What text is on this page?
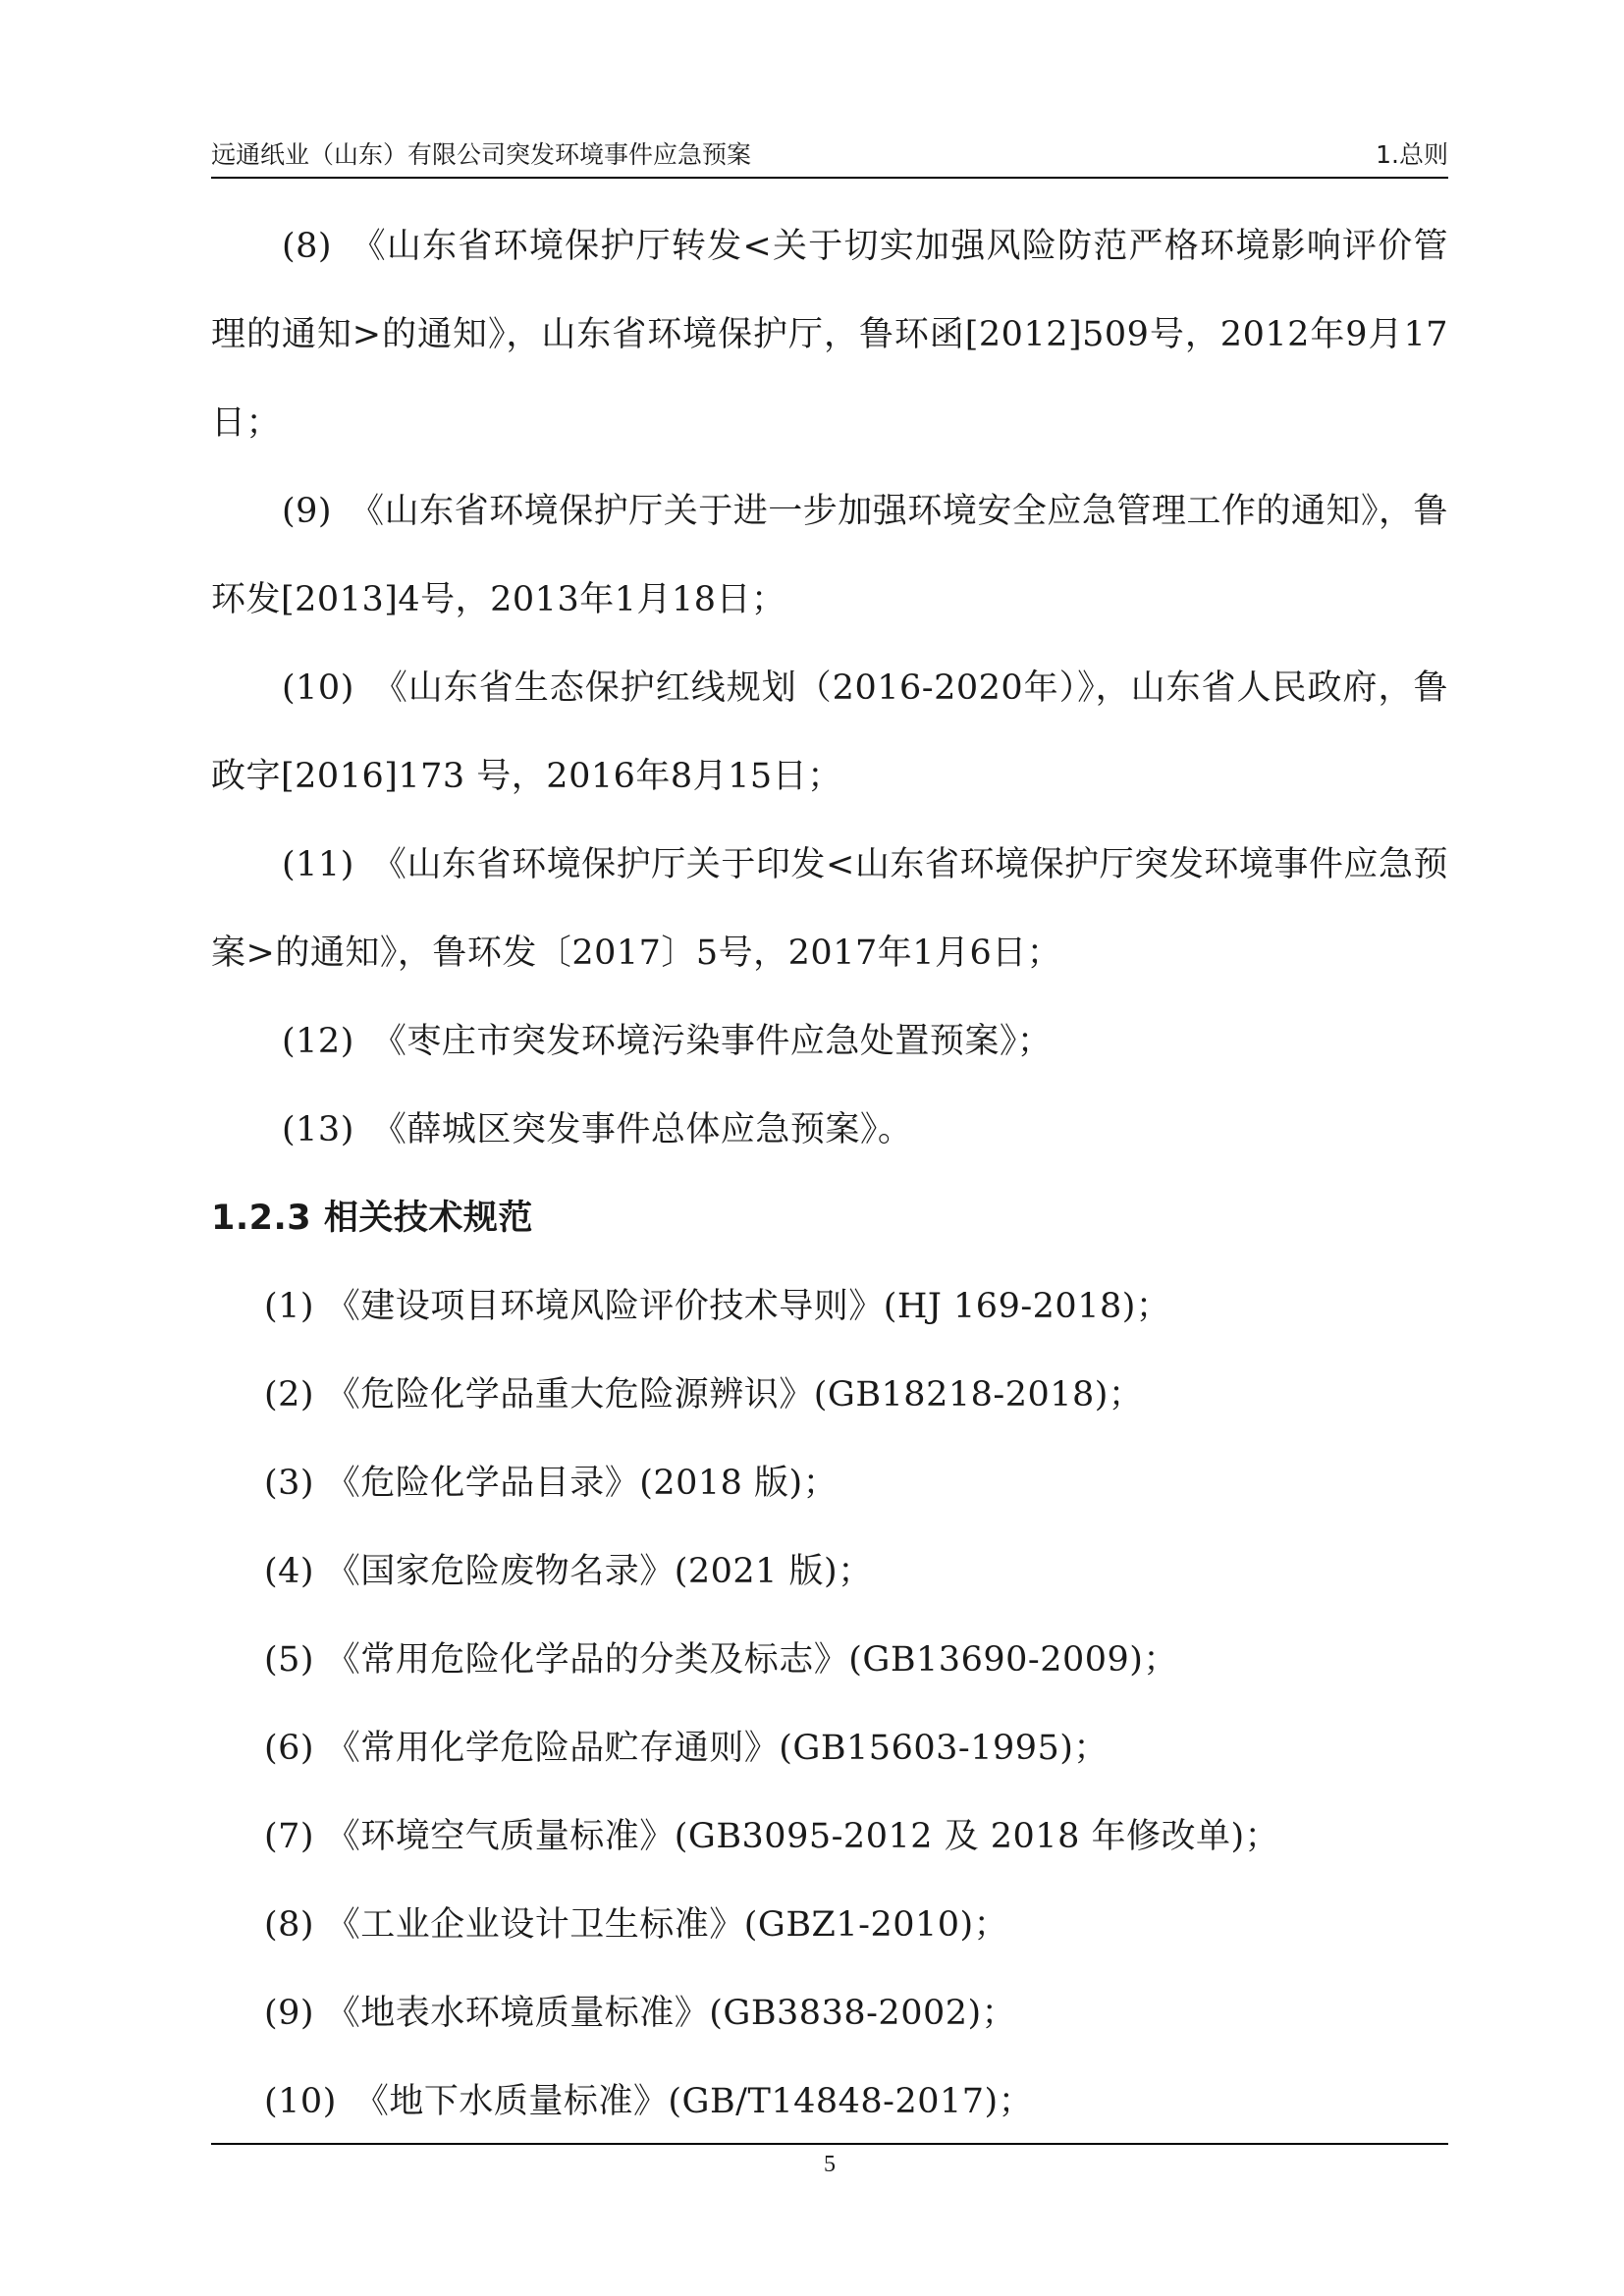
远通纸业（山东）有限公司突发环境事件应急预案	1.总则

(8)　《山东省环境保护厅转发<关于切实加强风险防范严格环境影响评价管理的通知>的通知》，山东省环境保护厅，鲁环函[2012]509号，2012年9月17日；

(9)　《山东省环境保护厅关于进一步加强环境安全应急管理工作的通知》，鲁环发[2013]4号，2013年1月18日；

(10)　《山东省生态保护红线规划（2016-2020年）》，山东省人民政府，鲁政字[2016]173 号，2016年8月15日；

(11)　《山东省环境保护厅关于印发<山东省环境保护厅突发环境事件应急预案>的通知》，鲁环发〔2017〕5号，2017年1月6日；

(12)　《枣庄市突发环境污染事件应急处置预案》；

(13)　《薛城区突发事件总体应急预案》。

1.2.3 相关技术规范

(1) 《建设项目环境风险评价技术导则》(HJ 169-2018)；

(2) 《危险化学品重大危险源辨识》(GB18218-2018)；

(3) 《危险化学品目录》(2018 版)；

(4) 《国家危险废物名录》(2021 版)；

(5) 《常用危险化学品的分类及标志》(GB13690-2009)；

(6) 《常用化学危险品贮存通则》(GB15603-1995)；

(7) 《环境空气质量标准》(GB3095-2012 及 2018 年修改单)；

(8) 《工业企业设计卫生标准》(GBZ1-2010)；

(9) 《地表水环境质量标准》(GB3838-2002)；

(10)　《地下水质量标准》(GB/T14848-2017)；

5
